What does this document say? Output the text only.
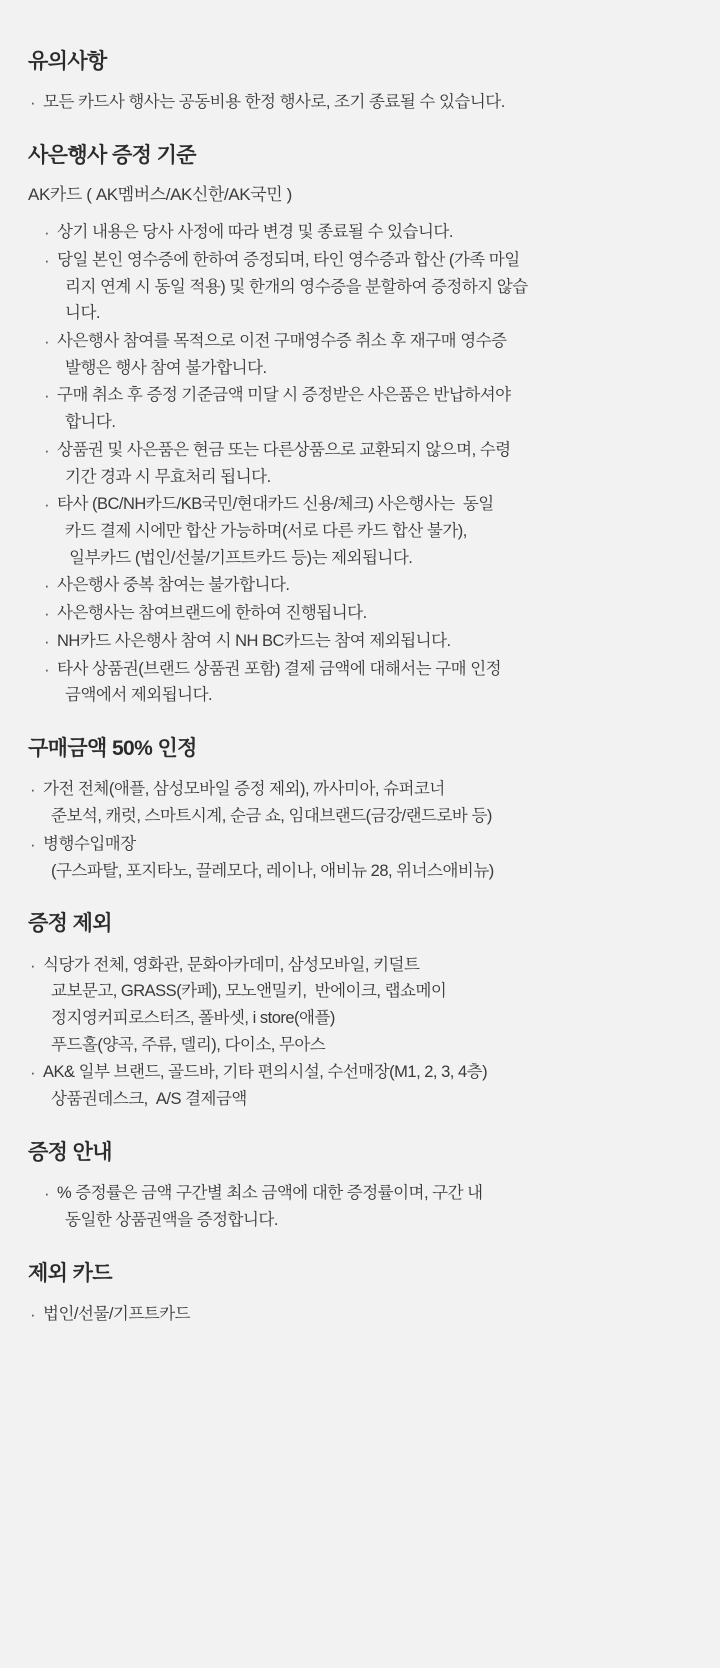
유의사항
· 모든 카드사 행사는 공동비용 한정 행사로, 조기 종료될 수 있습니다.
사은행사 증정 기준
AK카드 ( AK멤버스/AK신한/AK국민 )
· 상기 내용은 당사 사정에 따라 변경 및 종료될 수 있습니다.
· 당일 본인 영수증에 한하여 증정되며, 타인 영수증과 합산 (가족 마일
리지 연계 시 동일 적용) 및 한개의 영수증을 분할하여 증정하지 않습
니다.
· 사은행사 참여를 목적으로 이전 구매영수증 취소 후 재구매 영수증
발행은 행사 참여 불가합니다.
· 구매 취소 후 증정 기준금액 미달 시 증정받은 사은품은 반납하셔야
합니다.
· 상품권 및 사은품은 현금 또는 다른상품으로 교환되지 않으며, 수령
기간 경과 시 무효처리 됩니다.
· 타사 (BC/NH카드/KB국민/현대카드 신용/체크) 사은행사는  동일
카드 결제 시에만 합산 가능하며(서로 다른 카드 합산 불가),
일부카드 (법인/선불/기프트카드 등)는 제외됩니다.
· 사은행사 중복 참여는 불가합니다.
· 사은행사는 참여브랜드에 한하여 진행됩니다.
· NH카드 사은행사 참여 시 NH BC카드는 참여 제외됩니다.
· 타사 상품권(브랜드 상품권 포함) 결제 금액에 대해서는 구매 인정
금액에서 제외됩니다.
구매금액 50% 인정
· 가전 전체(애플, 삼성모바일 증정 제외), 까사미아, 슈퍼코너
준보석, 캐럿, 스마트시계, 순금 쇼, 임대브랜드(금강/랜드로바 등)
· 병행수입매장
(구스파탈, 포지타노, 끌레모다, 레이나, 애비뉴 28, 위너스애비뉴)
증정 제외
· 식당가 전체, 영화관, 문화아카데미, 삼성모바일, 키덜트
교보문고, GRASS(카페), 모노앤밀키,  반에이크, 랩쇼메이
정지영커피로스터즈, 폴바셋, i store(애플)
푸드홀(양곡, 주류, 델리), 다이소, 무아스
· AK& 일부 브랜드, 골드바, 기타 편의시설, 수선매장(M1, 2, 3, 4층)
상품권데스크,  A/S 결제금액
증정 안내
· % 증정률은 금액 구간별 최소 금액에 대한 증정률이며, 구간 내
동일한 상품권액을 증정합니다.
제외 카드
· 법인/선물/기프트카드
